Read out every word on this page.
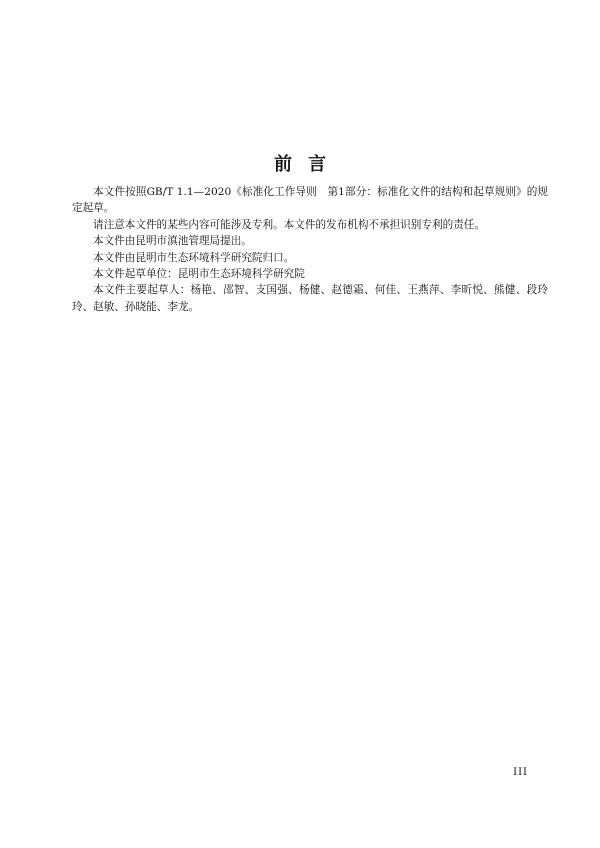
前 言

本文件按照GB/T 1.1—2020《标准化工作导则　第1部分：标准化文件的结构和起草规则》的规定起草。

请注意本文件的某些内容可能涉及专利。本文件的发布机构不承担识别专利的责任。

本文件由昆明市滇池管理局提出。

本文件由昆明市生态环境科学研究院归口。

本文件起草单位：昆明市生态环境科学研究院

本文件主要起草人：杨艳、邵智、支国强、杨健、赵德霜、何佳、王燕萍、李昕悦、熊健、段玲玲、赵敏、孙晓能、李龙。

III
